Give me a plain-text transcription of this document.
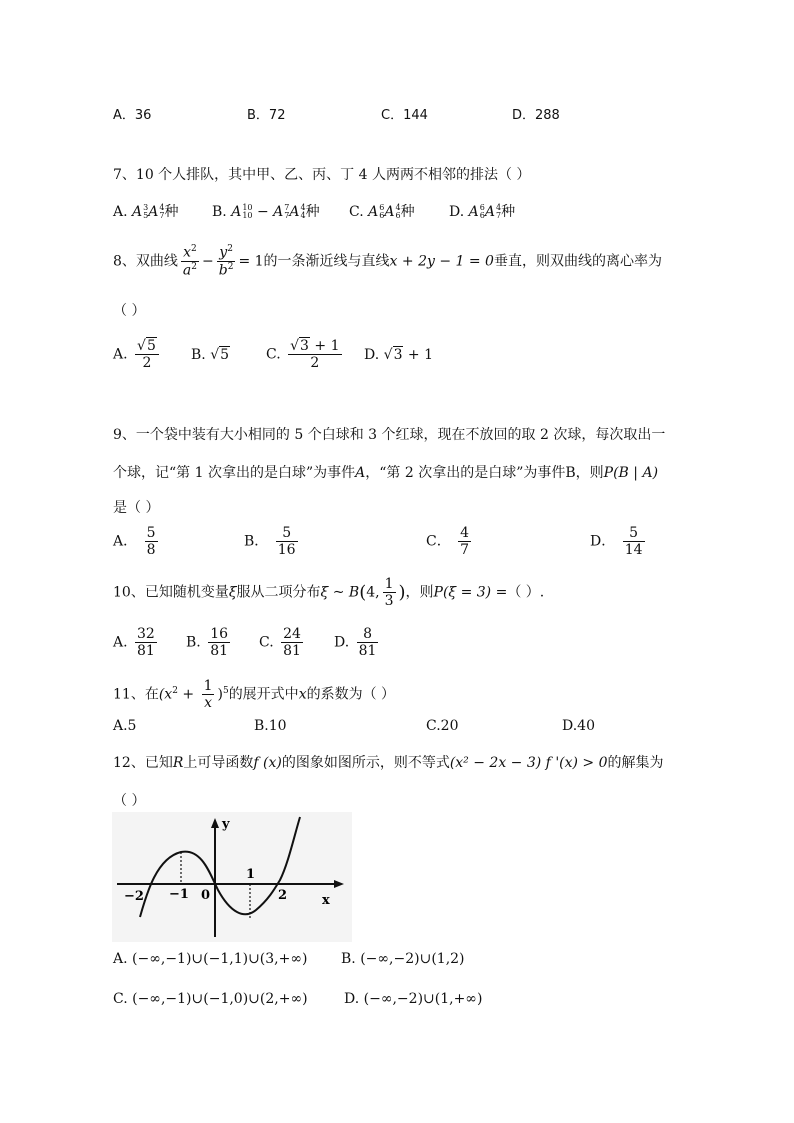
A．36	B．72	C．144	D．288
7、10 个人排队，其中甲、乙、丙、丁 4 人两两不相邻的排法（ ）
A. A 3
5 A 4
7 种 B. A 10
10 − A 7
7 A 4
4 种 C. A 6
6 A 4
6 种 D. A 6
6 A 4
7 种
8、双曲线 $\frac{x^2}{a^2} - \frac{y^2}{b^2} = 1$的一条渐近线与直线x + 2y − 1 = 0垂直，则双曲线的离心率为
（ ）
A. $\frac{√5}{2} B$. √5	C. $\frac{√3 + 1}{2} D$. √3 + 1
9、一个袋中装有大小相同的 5 个白球和 3 个红球，现在不放回的取 2 次球，每次取出一
个球，记“第 1 次拿出的是白球”为事件A，“第 2 次拿出的是白球”为事件B，则P(B | A)
是（ ）
A． $\frac{5}{8}$	B． $\frac{5}{16}$	C． $\frac{4}{7}$	D． $\frac{5}{14}$
10、已知随机变量ξ服从二项分布ξ ~ B(4, $\frac{1}{3}$ )，则P(ξ = 3) =（ ）.
A. $\frac{32}{81} B$. $\frac{16}{81} C$. $\frac{24}{81} D$. $\frac{8}{81}$
11、在$(x^2 + \frac{1}{x} )^5$的展开式中x的系数为（ ）
A.5	B.10	C.20	D.40
12、已知R上可导函数f (x)的图象如图所示，则不等式(x² − 2x − 3) f '(x) > 0的解集为
（ ）
y
x
−2 −1 0
1
2
A. (−∞,−1)∪(−1,1)∪(3,+∞) B. (−∞,−2)∪(1,2)
C. (−∞,−1)∪(−1,0)∪(2,+∞)	D. (−∞,−2)∪(1,+∞)
